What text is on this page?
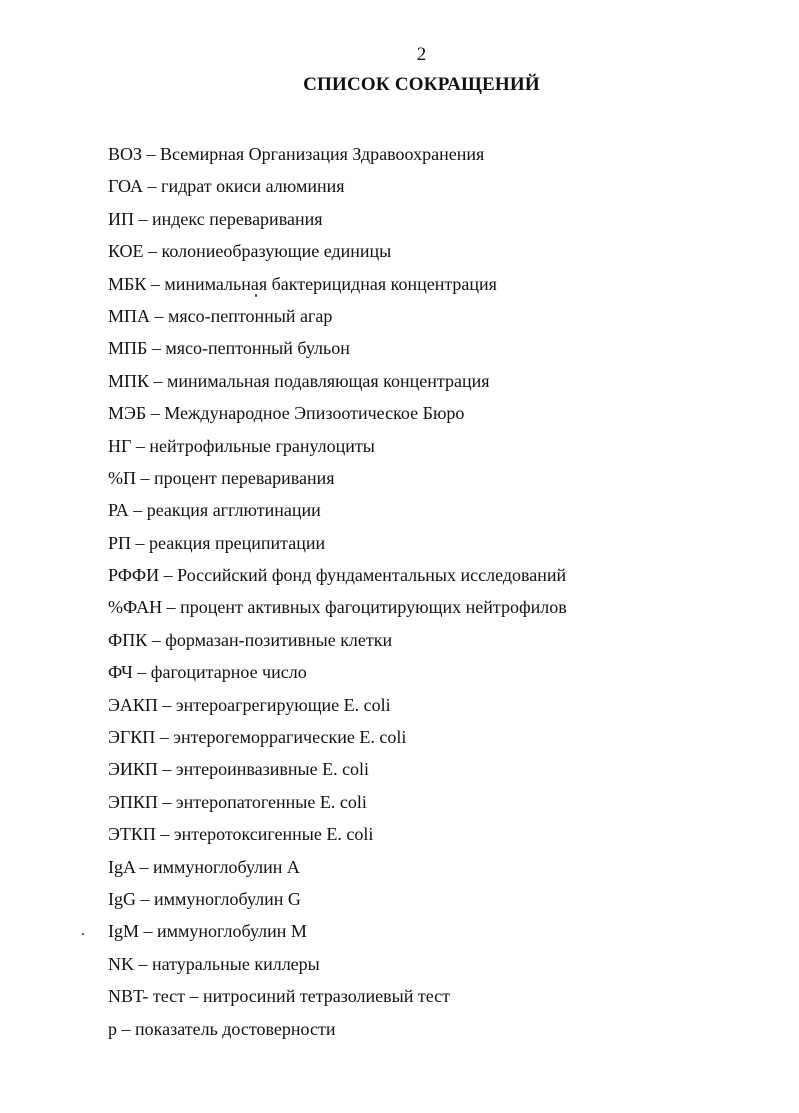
2
СПИСОК СОКРАЩЕНИЙ
ВОЗ – Всемирная Организация Здравоохранения
ГОА – гидрат окиси алюминия
ИП – индекс переваривания
КОЕ – колониеобразующие единицы
МБК – минимальная бактерицидная концентрация
МПА – мясо-пептонный агар
МПБ – мясо-пептонный бульон
МПК – минимальная подавляющая концентрация
МЭБ – Международное Эпизоотическое Бюро
НГ – нейтрофильные гранулоциты
%П – процент переваривания
РА – реакция агглютинации
РП – реакция преципитации
РФФИ – Российский фонд фундаментальных исследований
%ФАН – процент активных фагоцитирующих нейтрофилов
ФПК – формазан-позитивные клетки
ФЧ – фагоцитарное число
ЭАКП – энтероагрегирующие E. coli
ЭГКП – энтерогеморрагические E. coli
ЭИКП – энтероинвазивные E. coli
ЭПКП – энтеропатогенные E. coli
ЭТКП – энтеротоксигенные E. coli
IgA – иммуноглобулин A
IgG – иммуноглобулин G
IgM – иммуноглобулин M
NK – натуральные киллеры
NBT- тест – нитросиний тетразолиевый тест
p – показатель достоверности
